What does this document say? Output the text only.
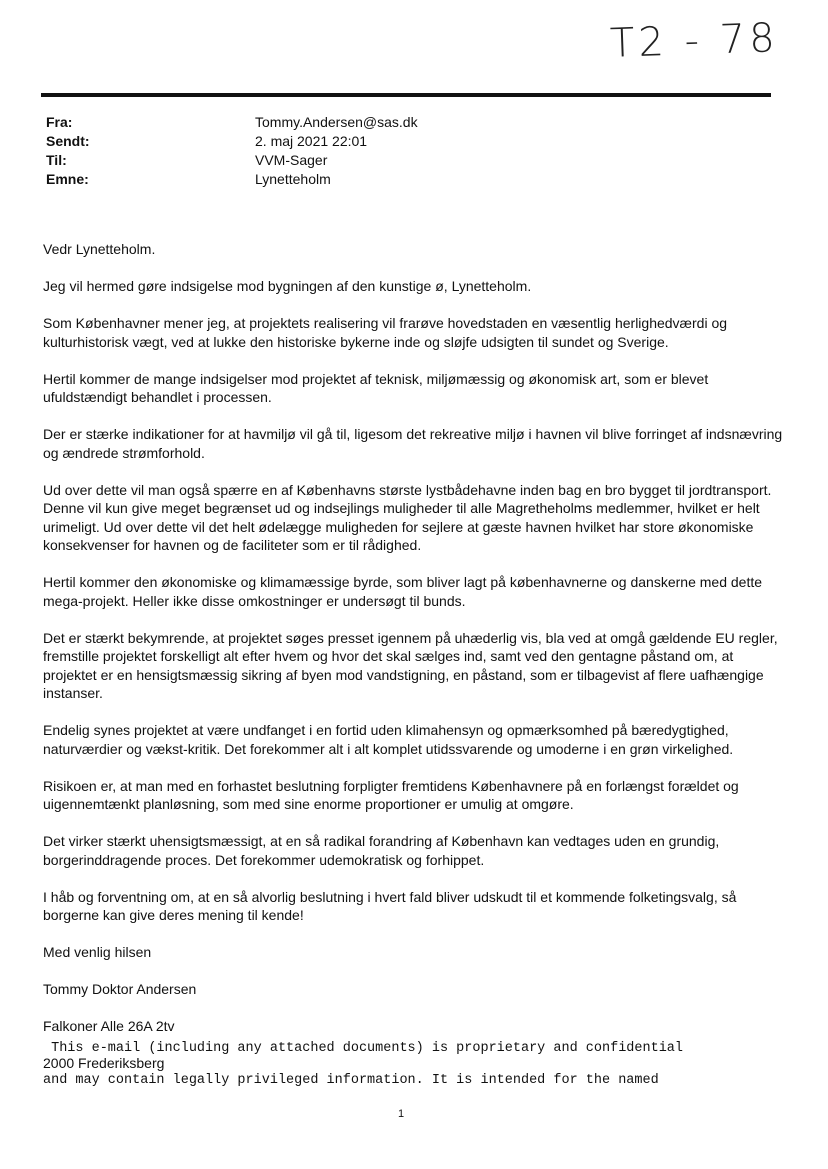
T2 - 78
Fra:	Tommy.Andersen@sas.dk
Sendt:	2. maj 2021 22:01
Til:	VVM-Sager
Emne:	Lynetteholm

Vedr Lynetteholm.

Jeg vil hermed gøre indsigelse mod bygningen af den kunstige ø, Lynetteholm.

Som Københavner mener jeg, at projektets realisering vil frarøve hovedstaden en væsentlig herlighedværdi og kulturhistorisk vægt, ved at lukke den historiske bykerne inde og sløjfe udsigten til sundet og Sverige.

Hertil kommer de mange indsigelser mod projektet af teknisk, miljømæssig og økonomisk art, som er blevet ufuldstændigt behandlet i processen.

Der er stærke indikationer for at havmiljø vil gå til, ligesom det rekreative miljø i havnen vil blive forringet af indsnævring og ændrede strømforhold.

Ud over dette vil man også spærre en af Københavns største lystbådehavne inden bag en bro bygget til jordtransport. Denne vil kun give meget begrænset ud og indsejlings muligheder til alle Magretheholms medlemmer, hvilket er helt urimeligt. Ud over dette vil det helt ødelægge muligheden for sejlere at gæste havnen hvilket har store økonomiske konsekvenser for havnen og de faciliteter som er til rådighed.

Hertil kommer den økonomiske og klimamæssige byrde, som bliver lagt på københavnerne og danskerne med dette mega-projekt. Heller ikke disse omkostninger er undersøgt til bunds.

Det er stærkt bekymrende, at projektet søges presset igennem på uhæderlig vis, bla ved at omgå gældende EU regler, fremstille projektet forskelligt alt efter hvem og hvor det skal sælges ind, samt ved den gentagne påstand om, at projektet er en hensigtsmæssig sikring af byen mod vandstigning, en påstand, som er tilbagevist af flere uafhængige instanser.

Endelig synes projektet at være undfanget i en fortid uden klimahensyn og opmærksomhed på bæredygtighed, naturværdier og vækst-kritik. Det forekommer alt i alt komplet utidssvarende og umoderne i en grøn virkelighed.

Risikoen er, at man med en forhastet beslutning forpligter fremtidens Københavnere på en forlængst forældet og uigennemtænkt planløsning, som med sine enorme proportioner er umulig at omgøre.

Det virker stærkt uhensigtsmæssigt, at en så radikal forandring af København kan vedtages uden en grundig, borgerinddragende proces. Det forekommer udemokratisk og forhippet.

I håb og forventning om, at en så alvorlig beslutning i hvert fald bliver udskudt til et kommende folketingsvalg, så borgerne kan give deres mening til kende!

Med venlig hilsen

Tommy Doktor Andersen

Falkoner Alle 26A 2tv

2000 Frederiksberg

This e-mail (including any attached documents) is proprietary and confidential
and may contain legally privileged information. It is intended for the named
1
